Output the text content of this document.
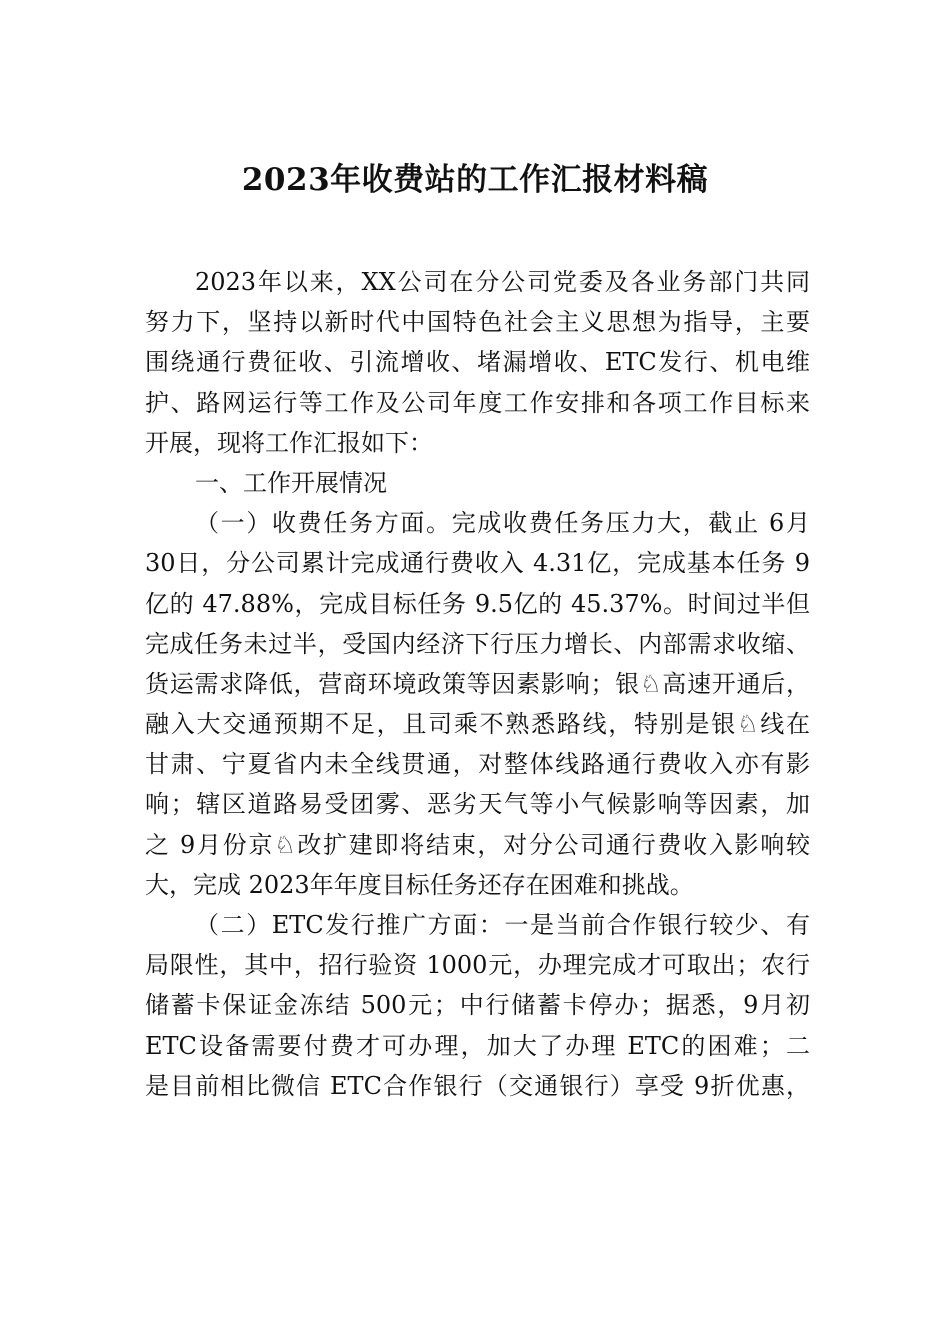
2023年收费站的工作汇报材料稿
2023年以来，XX公司在分公司党委及各业务部门共同
努力下，坚持以新时代中国特色社会主义思想为指导，主要
围绕通行费征收、引流增收、堵漏增收、ETC发行、机电维
护、路网运行等工作及公司年度工作安排和各项工作目标来
开展，现将工作汇报如下：
一、工作开展情况
（一）收费任务方面。完成收费任务压力大，截止 6月
30日，分公司累计完成通行费收入 4.31亿，完成基本任务 9
亿的 47.88%，完成目标任务 9.5亿的 45.37%。时间过半但
完成任务未过半，受国内经济下行压力增长、内部需求收缩、
货运需求降低，营商环境政策等因素影响；银♘高速开通后，
融入大交通预期不足，且司乘不熟悉路线，特别是银♘线在
甘肃、宁夏省内未全线贯通，对整体线路通行费收入亦有影
响；辖区道路易受团雾、恶劣天气等小气候影响等因素，加
之 9月份京♘改扩建即将结束，对分公司通行费收入影响较
大，完成 2023年年度目标任务还存在困难和挑战。
（二）ETC发行推广方面：一是当前合作银行较少、有
局限性，其中，招行验资 1000元，办理完成才可取出；农行
储蓄卡保证金冻结 500元；中行储蓄卡停办；据悉，9月初
ETC设备需要付费才可办理，加大了办理 ETC的困难；二
是目前相比微信 ETC合作银行（交通银行）享受 9折优惠，
